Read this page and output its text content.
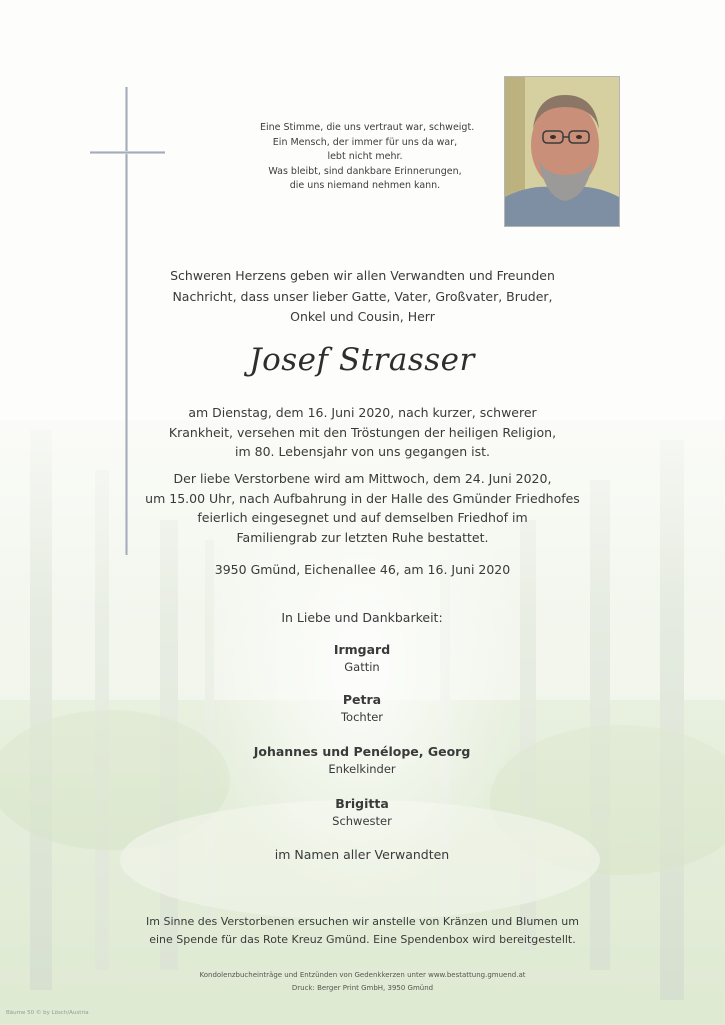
Eine Stimme, die uns vertraut war, schweigt.
Ein Mensch, der immer für uns da war,
lebt nicht mehr.
Was bleibt, sind dankbare Erinnerungen,
die uns niemand nehmen kann.
Schweren Herzens geben wir allen Verwandten und Freunden
Nachricht, dass unser lieber Gatte, Vater, Großvater, Bruder,
Onkel und Cousin, Herr
Josef Strasser
am Dienstag, dem 16. Juni 2020, nach kurzer, schwerer
Krankheit, versehen mit den Tröstungen der heiligen Religion,
im 80. Lebensjahr von uns gegangen ist.
Der liebe Verstorbene wird am Mittwoch, dem 24. Juni 2020,
um 15.00 Uhr, nach Aufbahrung in der Halle des Gmünder Friedhofes
feierlich eingesegnet und auf demselben Friedhof im
Familiengrab zur letzten Ruhe bestattet.
3950 Gmünd, Eichenallee 46, am 16. Juni 2020
In Liebe und Dankbarkeit:
Irmgard
Gattin
Petra
Tochter
Johannes und Penélope, Georg
Enkelkinder
Brigitta
Schwester
im Namen aller Verwandten
Im Sinne des Verstorbenen ersuchen wir anstelle von Kränzen und Blumen um
eine Spende für das Rote Kreuz Gmünd. Eine Spendenbox wird bereitgestellt.
Kondolenzbucheinträge und Entzünden von Gedenkkerzen unter www.bestattung.gmuend.at
Druck: Berger Print GmbH, 3950 Gmünd
Bäume 50 © by Lösch/Austria
